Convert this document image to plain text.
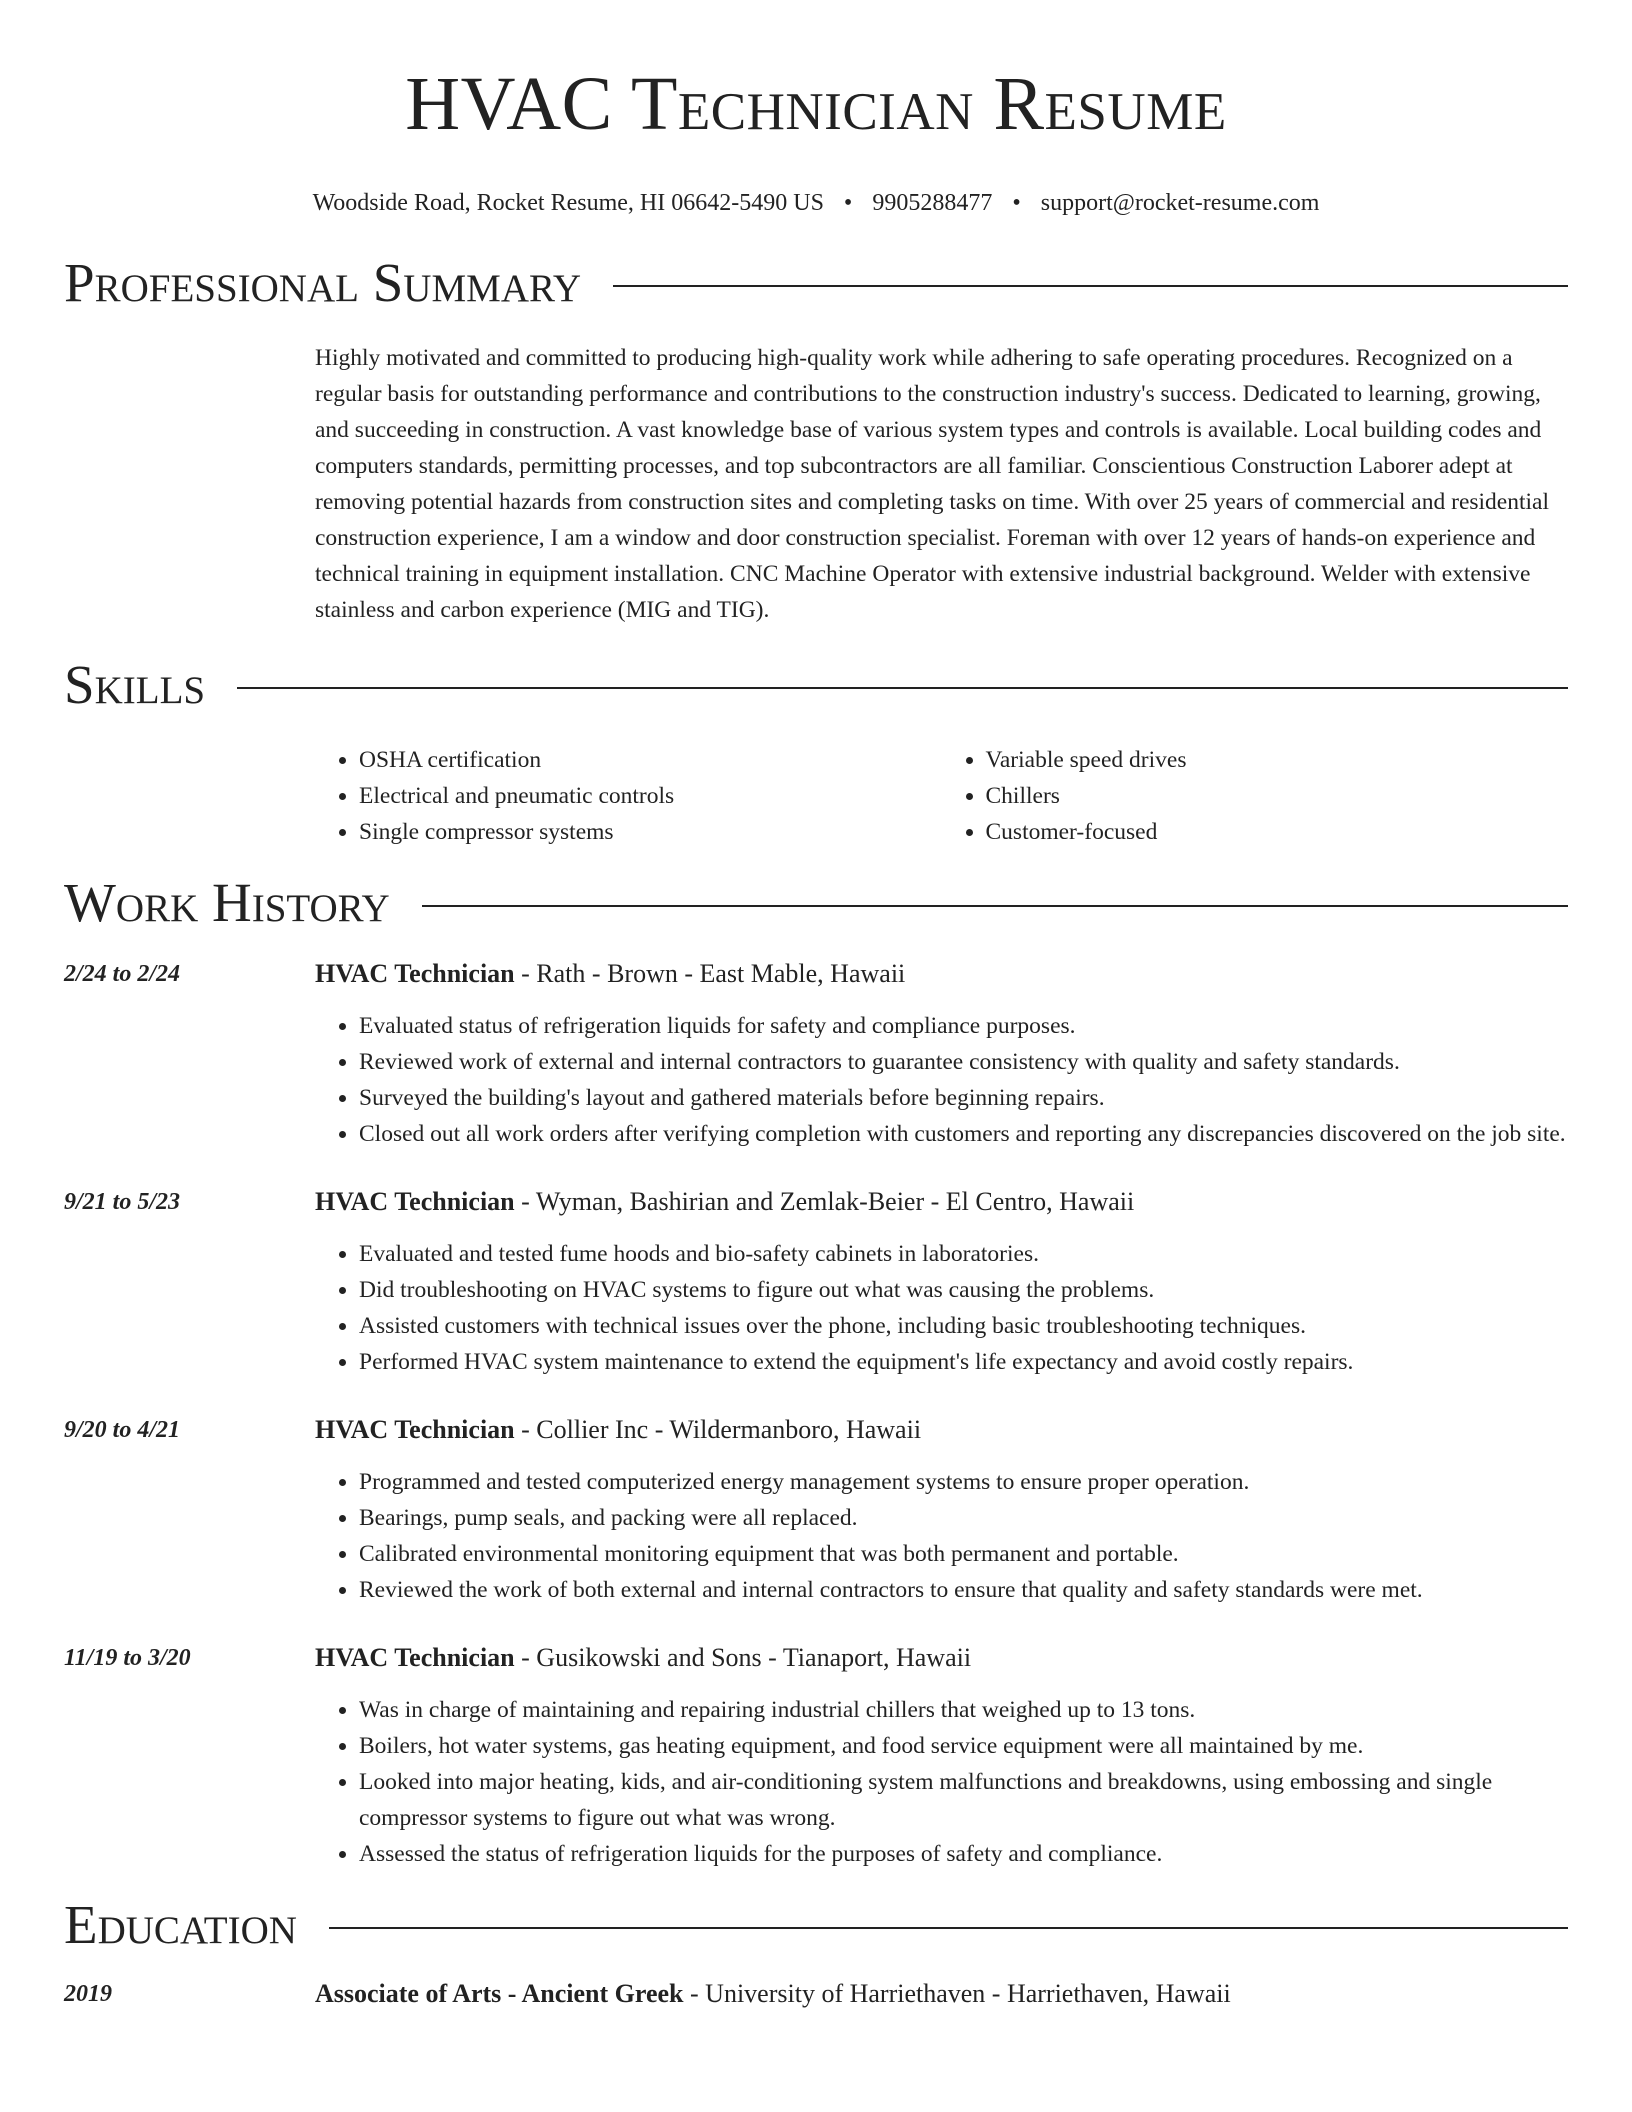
HVAC Technician Resume
Woodside Road, Rocket Resume, HI 06642-5490 US • 9905288477 • support@rocket-resume.com
Professional Summary

Highly motivated and committed to producing high-quality work while adhering to safe operating procedures. Recognized on a regular basis for outstanding performance and contributions to the construction industry's success. Dedicated to learning, growing, and succeeding in construction. A vast knowledge base of various system types and controls is available. Local building codes and computers standards, permitting processes, and top subcontractors are all familiar. Conscientious Construction Laborer adept at removing potential hazards from construction sites and completing tasks on time. With over 25 years of commercial and residential construction experience, I am a window and door construction specialist. Foreman with over 12 years of hands-on experience and technical training in equipment installation. CNC Machine Operator with extensive industrial background. Welder with extensive stainless and carbon experience (MIG and TIG).

Skills
• OSHA certification
• Electrical and pneumatic controls
• Single compressor systems
• Variable speed drives
• Chillers
• Customer-focused
Work History
2/24 to 2/24	HVAC Technician - Rath - Brown - East Mable, Hawaii
• Evaluated status of refrigeration liquids for safety and compliance purposes.
• Reviewed work of external and internal contractors to guarantee consistency with quality and safety standards.
• Surveyed the building's layout and gathered materials before beginning repairs.
• Closed out all work orders after verifying completion with customers and reporting any discrepancies discovered on the job site.
9/21 to 5/23	HVAC Technician - Wyman, Bashirian and Zemlak-Beier - El Centro, Hawaii
• Evaluated and tested fume hoods and bio-safety cabinets in laboratories.
• Did troubleshooting on HVAC systems to figure out what was causing the problems.
• Assisted customers with technical issues over the phone, including basic troubleshooting techniques.
• Performed HVAC system maintenance to extend the equipment's life expectancy and avoid costly repairs.
9/20 to 4/21	HVAC Technician - Collier Inc - Wildermanboro, Hawaii
• Programmed and tested computerized energy management systems to ensure proper operation.
• Bearings, pump seals, and packing were all replaced.
• Calibrated environmental monitoring equipment that was both permanent and portable.
• Reviewed the work of both external and internal contractors to ensure that quality and safety standards were met.
11/19 to 3/20	HVAC Technician - Gusikowski and Sons - Tianaport, Hawaii
• Was in charge of maintaining and repairing industrial chillers that weighed up to 13 tons.
• Boilers, hot water systems, gas heating equipment, and food service equipment were all maintained by me.
• Looked into major heating, kids, and air-conditioning system malfunctions and breakdowns, using embossing and single compressor systems to figure out what was wrong.
• Assessed the status of refrigeration liquids for the purposes of safety and compliance.
Education
2019	Associate of Arts - Ancient Greek - University of Harriethaven - Harriethaven, Hawaii
